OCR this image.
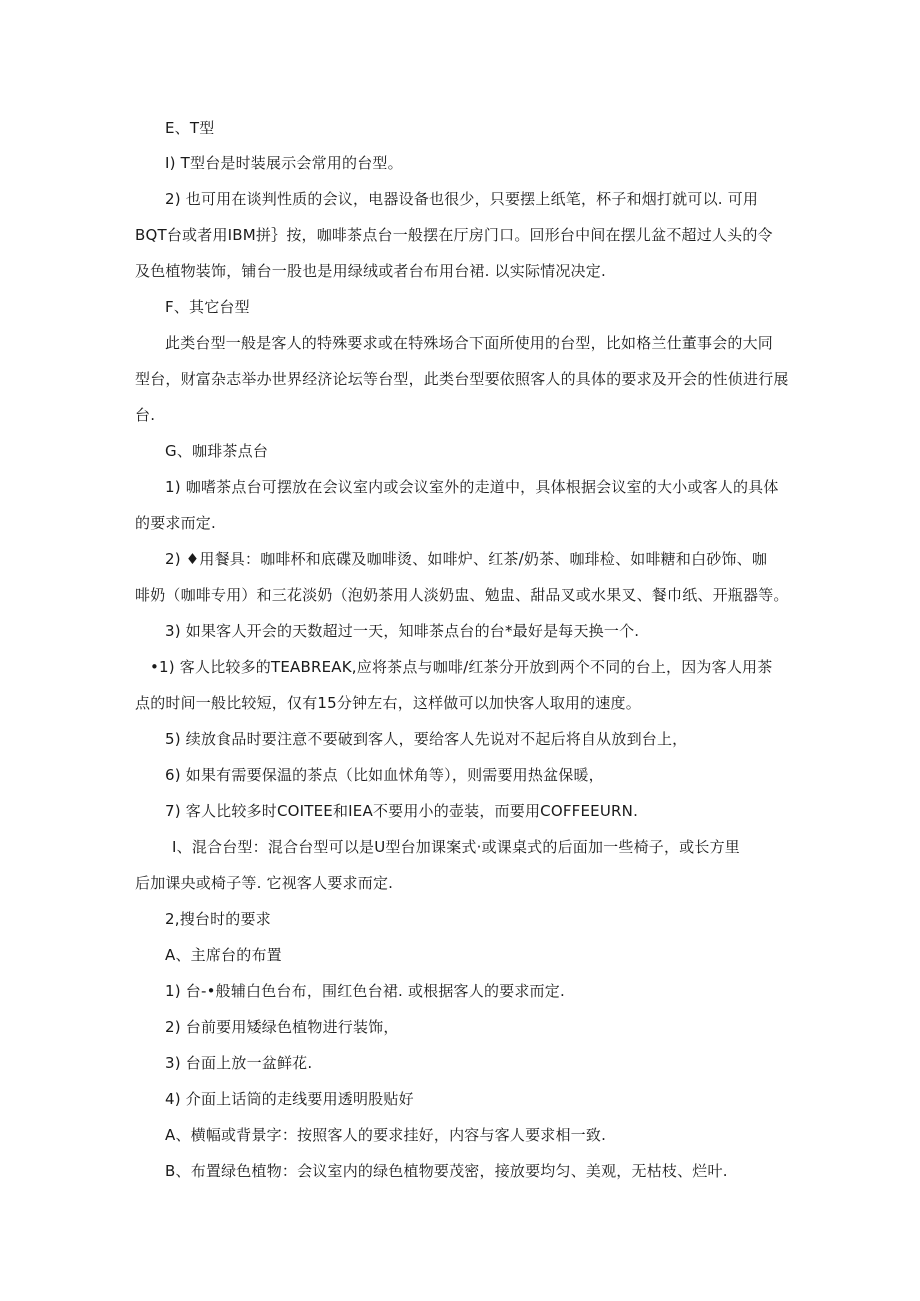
E、T型
I) T型台是时装展示会常用的台型。
2) 也可用在谈判性质的会议，电器设备也很少，只要摆上纸笔，杯子和烟打就可以. 可用
BQT台或者用IBM拼｝按，咖啡茶点台一般摆在厅房门口。回形台中间在摆儿盆不超过人头的令
及色植物装饰，铺台一股也是用绿绒或者台布用台裙. 以实际情况决定.
F、其它台型
此类台型一般是客人的特殊要求或在特殊场合下面所使用的台型，比如格兰仕董事会的大同
型台，财富杂志举办世界经济论坛等台型，此类台型要依照客人的具体的要求及开会的性侦进行展
台.
G、咖琲茶点台
1) 咖嗜茶点台可摆放在会议室内或会议室外的走道中，具体根据会议室的大小或客人的具体
的要求而定.
2) ♦用餐具：咖啡杯和底碟及咖啡烫、如啡炉、红茶/奶茶、咖琲检、如啡糖和白砂饰、咖
啡奶（咖啡专用）和三花淡奶（泡奶茶用人淡奶盅、勉盅、甜品叉或水果叉、餐巾纸、开瓶器等。
3) 如果客人开会的天数超过一天，知啡茶点台的台*最好是每天换一个.
•1) 客人比较多的TEABREAK,应将茶点与咖啡/红茶分开放到两个不同的台上，因为客人用茶
点的时间一般比较短，仅有15分钟左右，这样做可以加快客人取用的速度。
5) 续放食品时要注意不要破到客人，要给客人先说对不起后将自从放到台上，
6) 如果有需要保温的茶点（比如血怵角等），则需要用热盆保暖，
7) 客人比较多时COITEE和IEA不要用小的壶装，而要用COFFEEURN.
I、混合台型：混合台型可以是U型台加课案式·或课桌式的后面加一些椅子，或长方里
后加课央或椅子等. 它视客人要求而定.
2,搜台时的要求
A、主席台的布置
1) 台-•般辅白色台布，围红色台裙. 或根据客人的要求而定.
2) 台前要用矮绿色植物进行装饰，
3) 台面上放一盆鲜花.
4) 介面上话筒的走线要用透明股贴好
A、横幅或背景字：按照客人的要求挂好，内容与客人要求相一致.
B、布置绿色植物：会议室内的绿色植物要茂密，接放要均匀、美观，无枯枝、烂叶.
